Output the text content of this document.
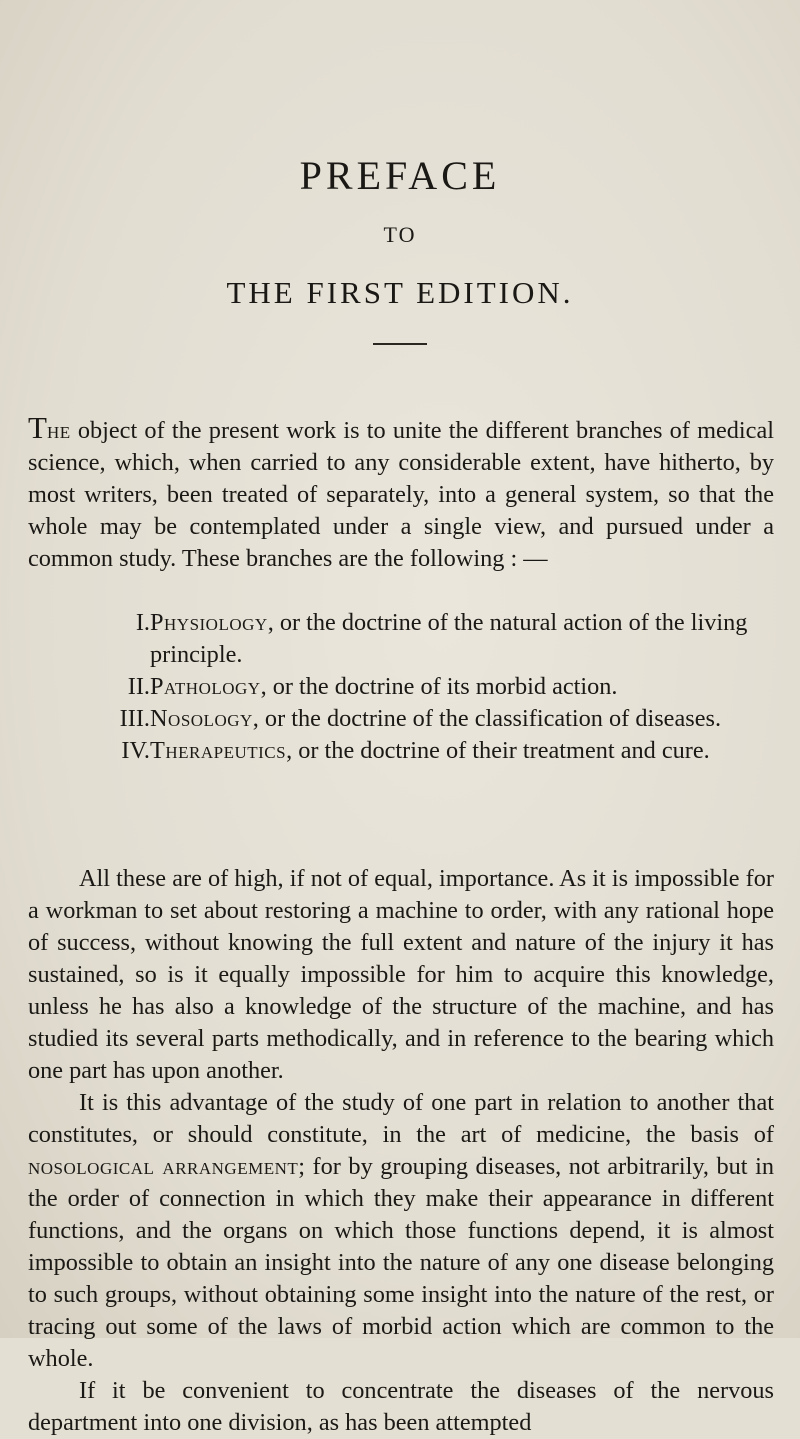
PREFACE
TO
THE FIRST EDITION.

The object of the present work is to unite the different branches of medical science, which, when carried to any considerable extent, have hitherto, by most writers, been treated of separately, into a general system, so that the whole may be contemplated under a single view, and pursued under a common study. These branches are the following : —

I. Physiology, or the doctrine of the natural action of the living principle.
II. Pathology, or the doctrine of its morbid action.
III. Nosology, or the doctrine of the classification of diseases.
IV. Therapeutics, or the doctrine of their treatment and cure.

All these are of high, if not of equal, importance. As it is impossible for a workman to set about restoring a machine to order, with any rational hope of success, without knowing the full extent and nature of the injury it has sustained, so is it equally impossible for him to acquire this knowledge, unless he has also a knowledge of the structure of the machine, and has studied its several parts methodically, and in reference to the bearing which one part has upon another.

It is this advantage of the study of one part in relation to another that constitutes, or should constitute, in the art of medicine, the basis of nosological arrangement; for by grouping diseases, not arbitrarily, but in the order of connection in which they make their appearance in different functions, and the organs on which those functions depend, it is almost impossible to obtain an insight into the nature of any one disease belonging to such groups, without obtaining some insight into the nature of the rest, or tracing out some of the laws of morbid action which are common to the whole.

If it be convenient to concentrate the diseases of the nervous department into one division, as has been attempted
